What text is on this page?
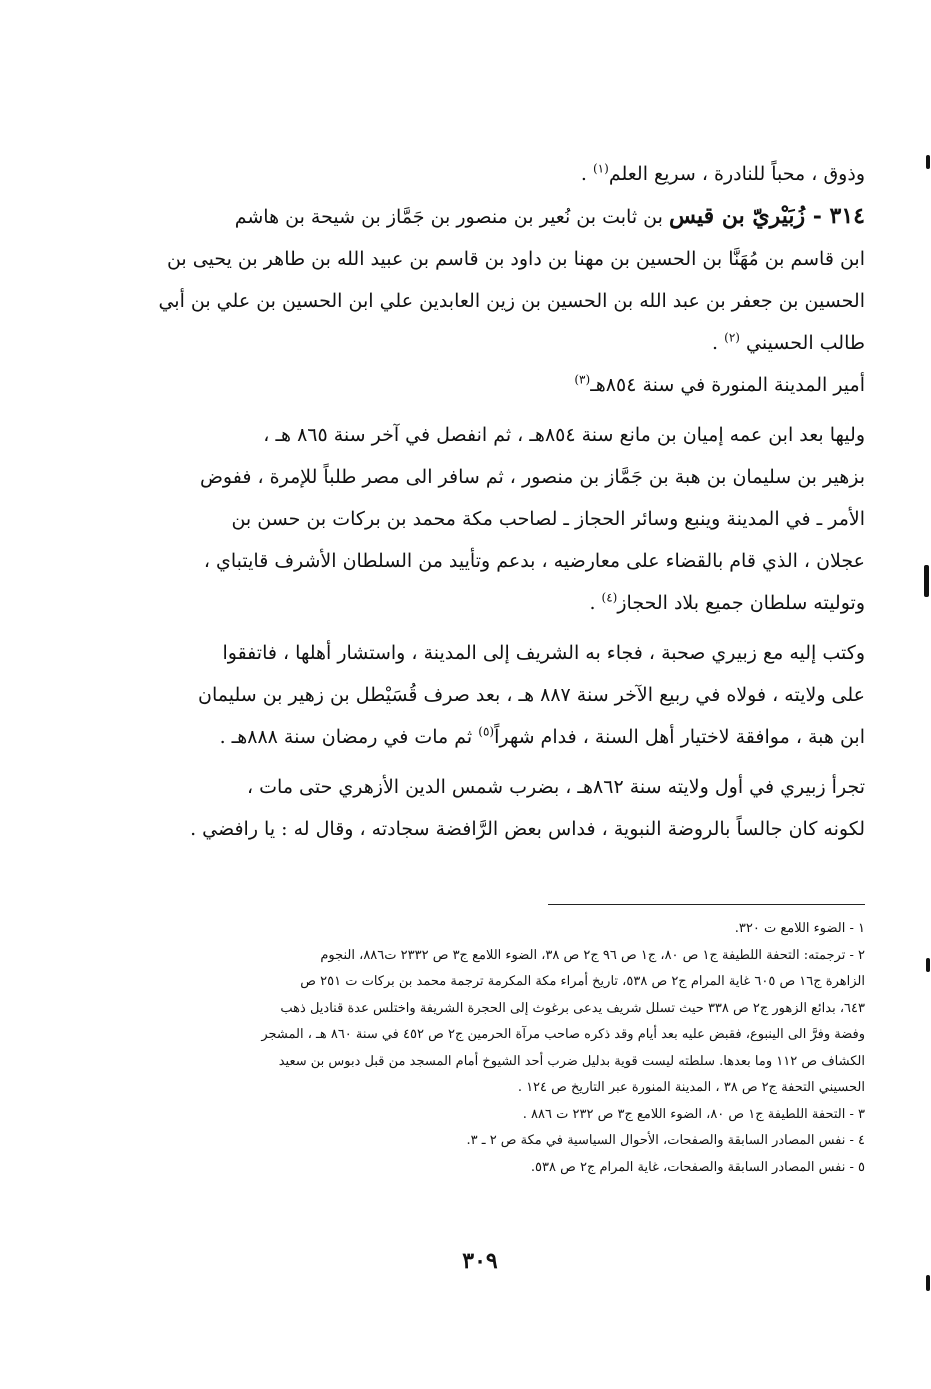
وذوق ، محباً للنادرة ، سريع العلم$^{(١)}$ .
٣١٤ - زُبَيْريّ بن قيس بن ثابت بن نُعير بن منصور بن جَمَّاز بن شيحة بن هاشم
ابن قاسم بن مُهَنَّا بن الحسين بن مهنا بن داود بن قاسم بن عبيد الله بن طاهر بن يحيى بن
الحسين بن جعفر بن عبد الله بن الحسين بن زين العابدين علي ابن الحسين بن علي بن أبي
طالب الحسيني $^{(٢)}$ .
أمير المدينة المنورة في سنة ٨٥٤هـ$^{(٣)}$
وليها بعد ابن عمه إميان بن مانع سنة ٨٥٤هـ ، ثم انفصل في آخر سنة ٨٦٥ هـ ،
بزهير بن سليمان بن هبة بن جَمَّاز بن منصور ، ثم سافر الى مصر طلباً للإمرة ، ففوض
الأمر ـ في المدينة وينبع وسائر الحجاز ـ لصاحب مكة محمد بن بركات بن حسن بن
عجلان ، الذي قام بالقضاء على معارضيه ، بدعم وتأييد من السلطان الأشرف قايتباي ،
وتوليته سلطان جميع بلاد الحجاز$^{(٤)}$ .
وكتب إليه مع زبيري صحبة ، فجاء به الشريف إلى المدينة ، واستشار أهلها ، فاتفقوا
على ولايته ، فولاه في ربيع الآخر سنة ٨٨٧ هـ ، بعد صرف قُسَيْطل بن زهير بن سليمان
ابن هبة ، موافقة لاختيار أهل السنة ، فدام شهراً$^{(٥)}$ ثم مات في رمضان سنة ٨٨٨هـ .
تجرأ زبيري في أول ولايته سنة ٨٦٢هـ ، بضرب شمس الدين الأزهري حتى مات ،
لكونه كان جالساً بالروضة النبوية ، فداس بعض الرَّافضة سجادته ، وقال له : يا رافضي .
١ - الضوء اللامع ت ٣٢٠.
٢ - ترجمته: التحفة اللطيفة ج١ ص ٨٠، ج١ ص ٩٦ ج٢ ص ٣٨، الضوء اللامع ج٣ ص ٢٣٣٢ ت٨٨٦، النجوم
الزاهرة ج١٦ ص ٦٠٥ غاية المرام ج٢ ص ٥٣٨، تاريخ أمراء مكة المكرمة ترجمة محمد بن بركات ت ٢٥١ ص
٦٤٣، بدائع الزهور ج٢ ص ٣٣٨ حيث تسلل شريف يدعى برغوث إلى الحجرة الشريفة واختلس عدة قناديل ذهب
وفضة وفرَّ الى الينبوع، فقبض عليه بعد أيام وقد ذكره صاحب مرآة الحرمين ج٢ ص ٤٥٢ في سنة ٨٦٠ هـ ، المشجر
الكشاف ص ١١٢ وما بعدها. سلطته ليست قوية بدليل ضرب أحد الشيوخ أمام المسجد من قبل دبوس بن سعيد
الحسيني التحفة ج٢ ص ٣٨ ، المدينة المنورة عبر التاريخ ص ١٢٤ .
٣ - التحفة اللطيفة ج١ ص ٨٠، الضوء اللامع ج٣ ص ٢٣٢ ت ٨٨٦ .
٤ - نفس المصادر السابقة والصفحات، الأحوال السياسية في مكة ص ٢ ـ ٣.
٥ - نفس المصادر السابقة والصفحات، غاية المرام ج٢ ص ٥٣٨.
٣٠٩
